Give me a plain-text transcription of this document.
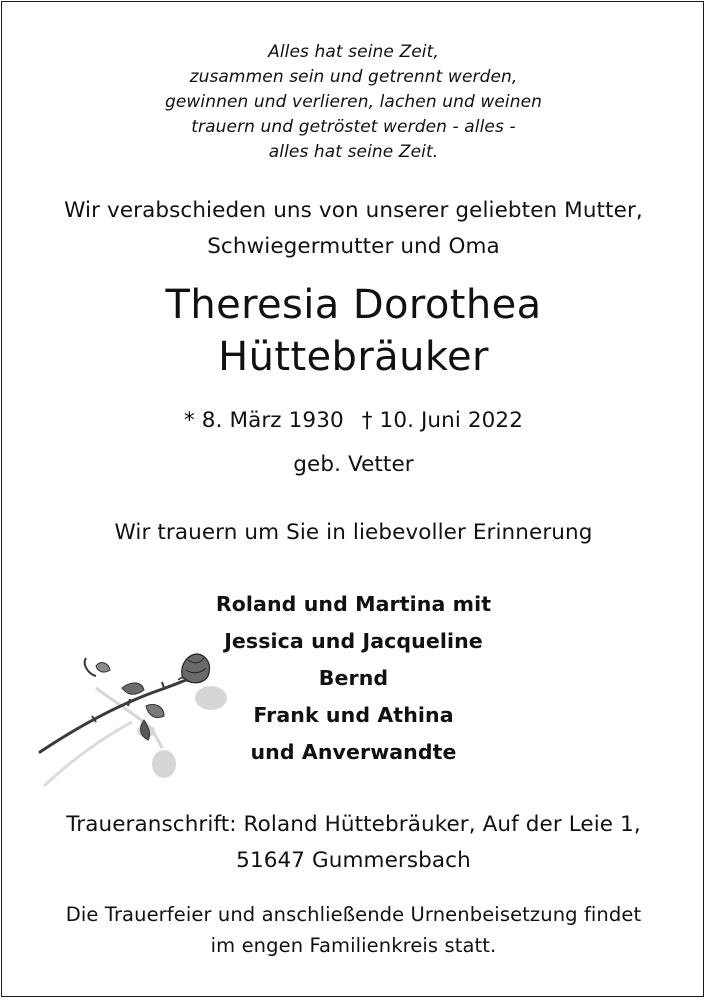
Alles hat seine Zeit,
zusammen sein und getrennt werden,
gewinnen und verlieren, lachen und weinen
trauern und getröstet werden - alles -
alles hat seine Zeit.
Wir verabschieden uns von unserer geliebten Mutter,
Schwiegermutter und Oma
Theresia Dorothea
Hüttebräuker
* 8. März 1930 † 10. Juni 2022
geb. Vetter
Wir trauern um Sie in liebevoller Erinnerung
Roland und Martina mit
Jessica und Jacqueline
Bernd
Frank und Athina
und Anverwandte
Traueranschrift: Roland Hüttebräuker, Auf der Leie 1,
51647 Gummersbach
Die Trauerfeier und anschließende Urnenbeisetzung findet
im engen Familienkreis statt.
